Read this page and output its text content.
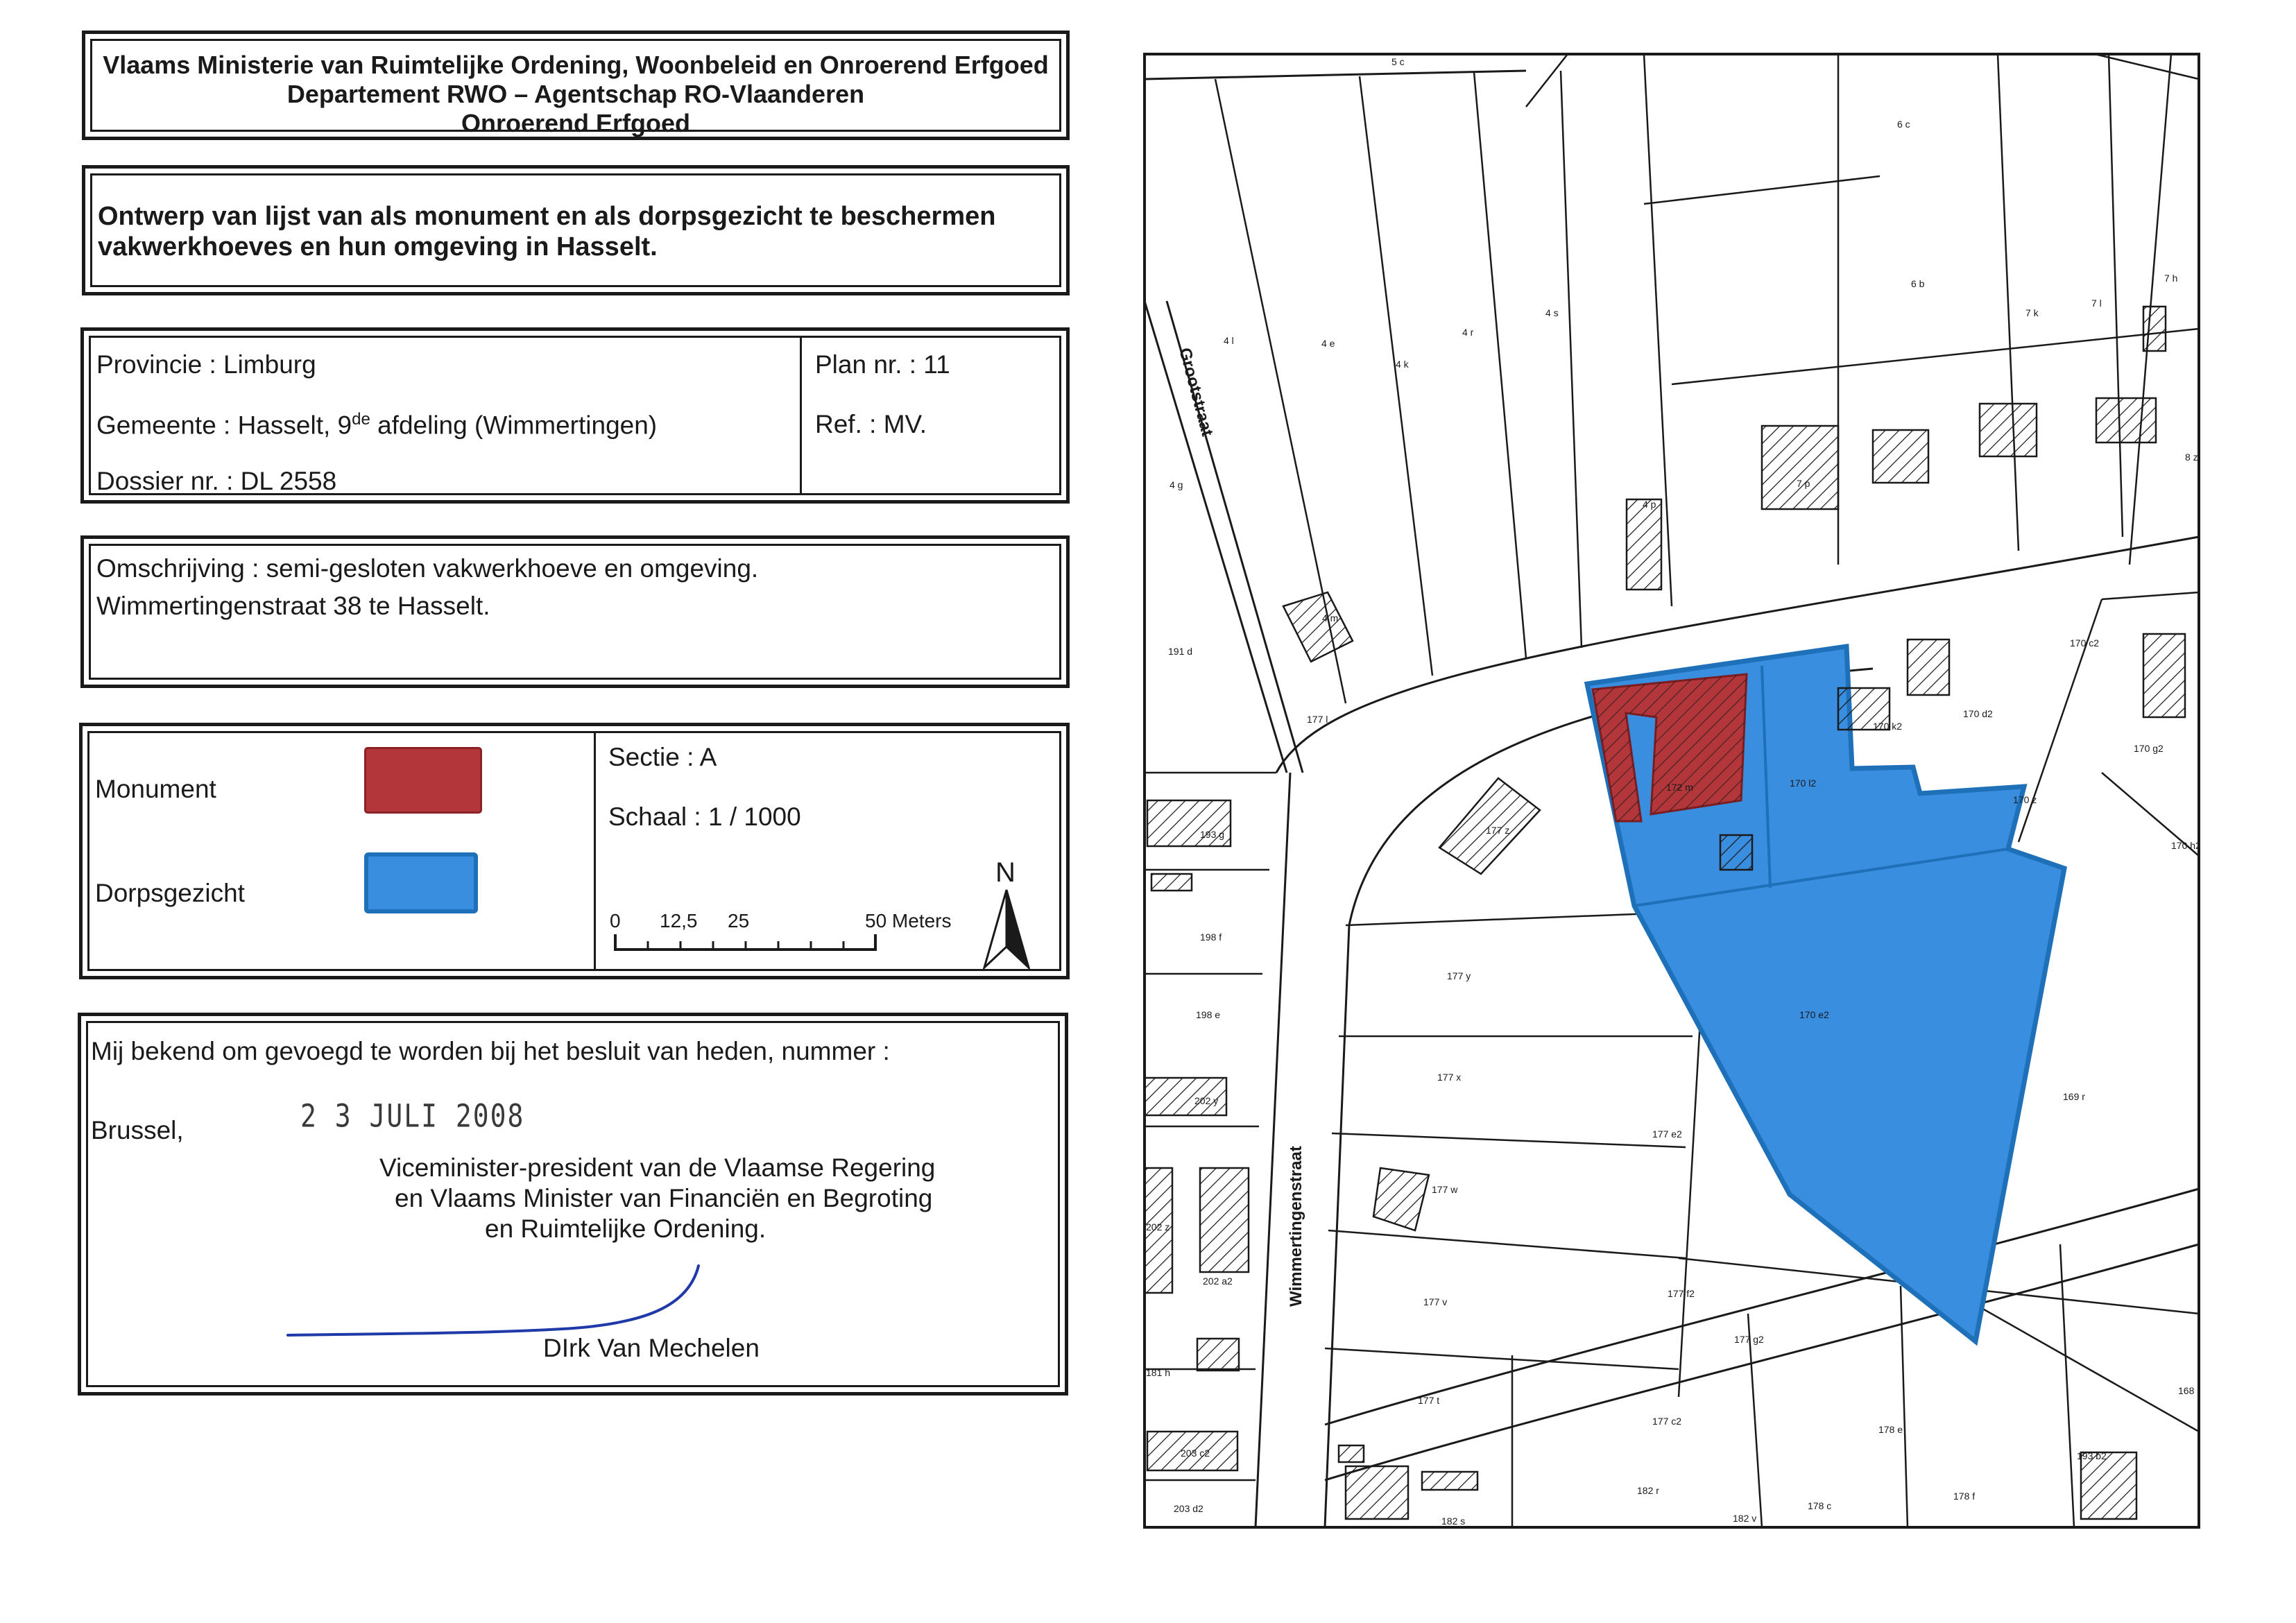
Vlaams Ministerie van Ruimtelijke Ordening, Woonbeleid en Onroerend Erfgoed
Departement RWO – Agentschap RO-Vlaanderen
Onroerend Erfgoed
Ontwerp van lijst van als monument en als dorpsgezicht te beschermen
vakwerkhoeves en hun omgeving in Hasselt.
Provincie : Limburg
Gemeente : Hasselt, 9de afdeling (Wimmertingen)
Dossier nr. : DL 2558
Plan nr. : 11
Ref. : MV.
Omschrijving : semi-gesloten vakwerkhoeve en omgeving.
Wimmertingenstraat 38 te Hasselt.
Monument
Dorpsgezicht
Sectie : A
Schaal : 1 / 1000
0 12,5 25	50 Meters
N
Mij bekend om gevoegd te worden bij het besluit van heden, nummer :
Brussel,	2 3 JULI 2008
Viceminister-president van de Vlaamse Regering
en Vlaams Minister van Financiën en Begroting
en Ruimtelijke Ordening.
DIrk Van Mechelen
Grootstraat
Wimmertingenstraat
5 c
6 c
6 b
7 k
7 l
7 h
4 l	4 e
4 k
4 r
4 s
4 g
191 d
4 m
177 l
4 p
7 p
8 z
170 c2
170 d2
170 k2
170 l2
170 g2
170 z
170 h2
172 m
177 z
193 g
198 f
198 e
177 y
177 x
177 w
177 e2
170 e2
169 r
202 y
202 z
202 a2
177 v
177 f2
177 g2
181 h
177 t
177 c2
178 e
203 c2
203 d2
182 s
182 r
182 v
178 c
178 f
193 b2
168 r
